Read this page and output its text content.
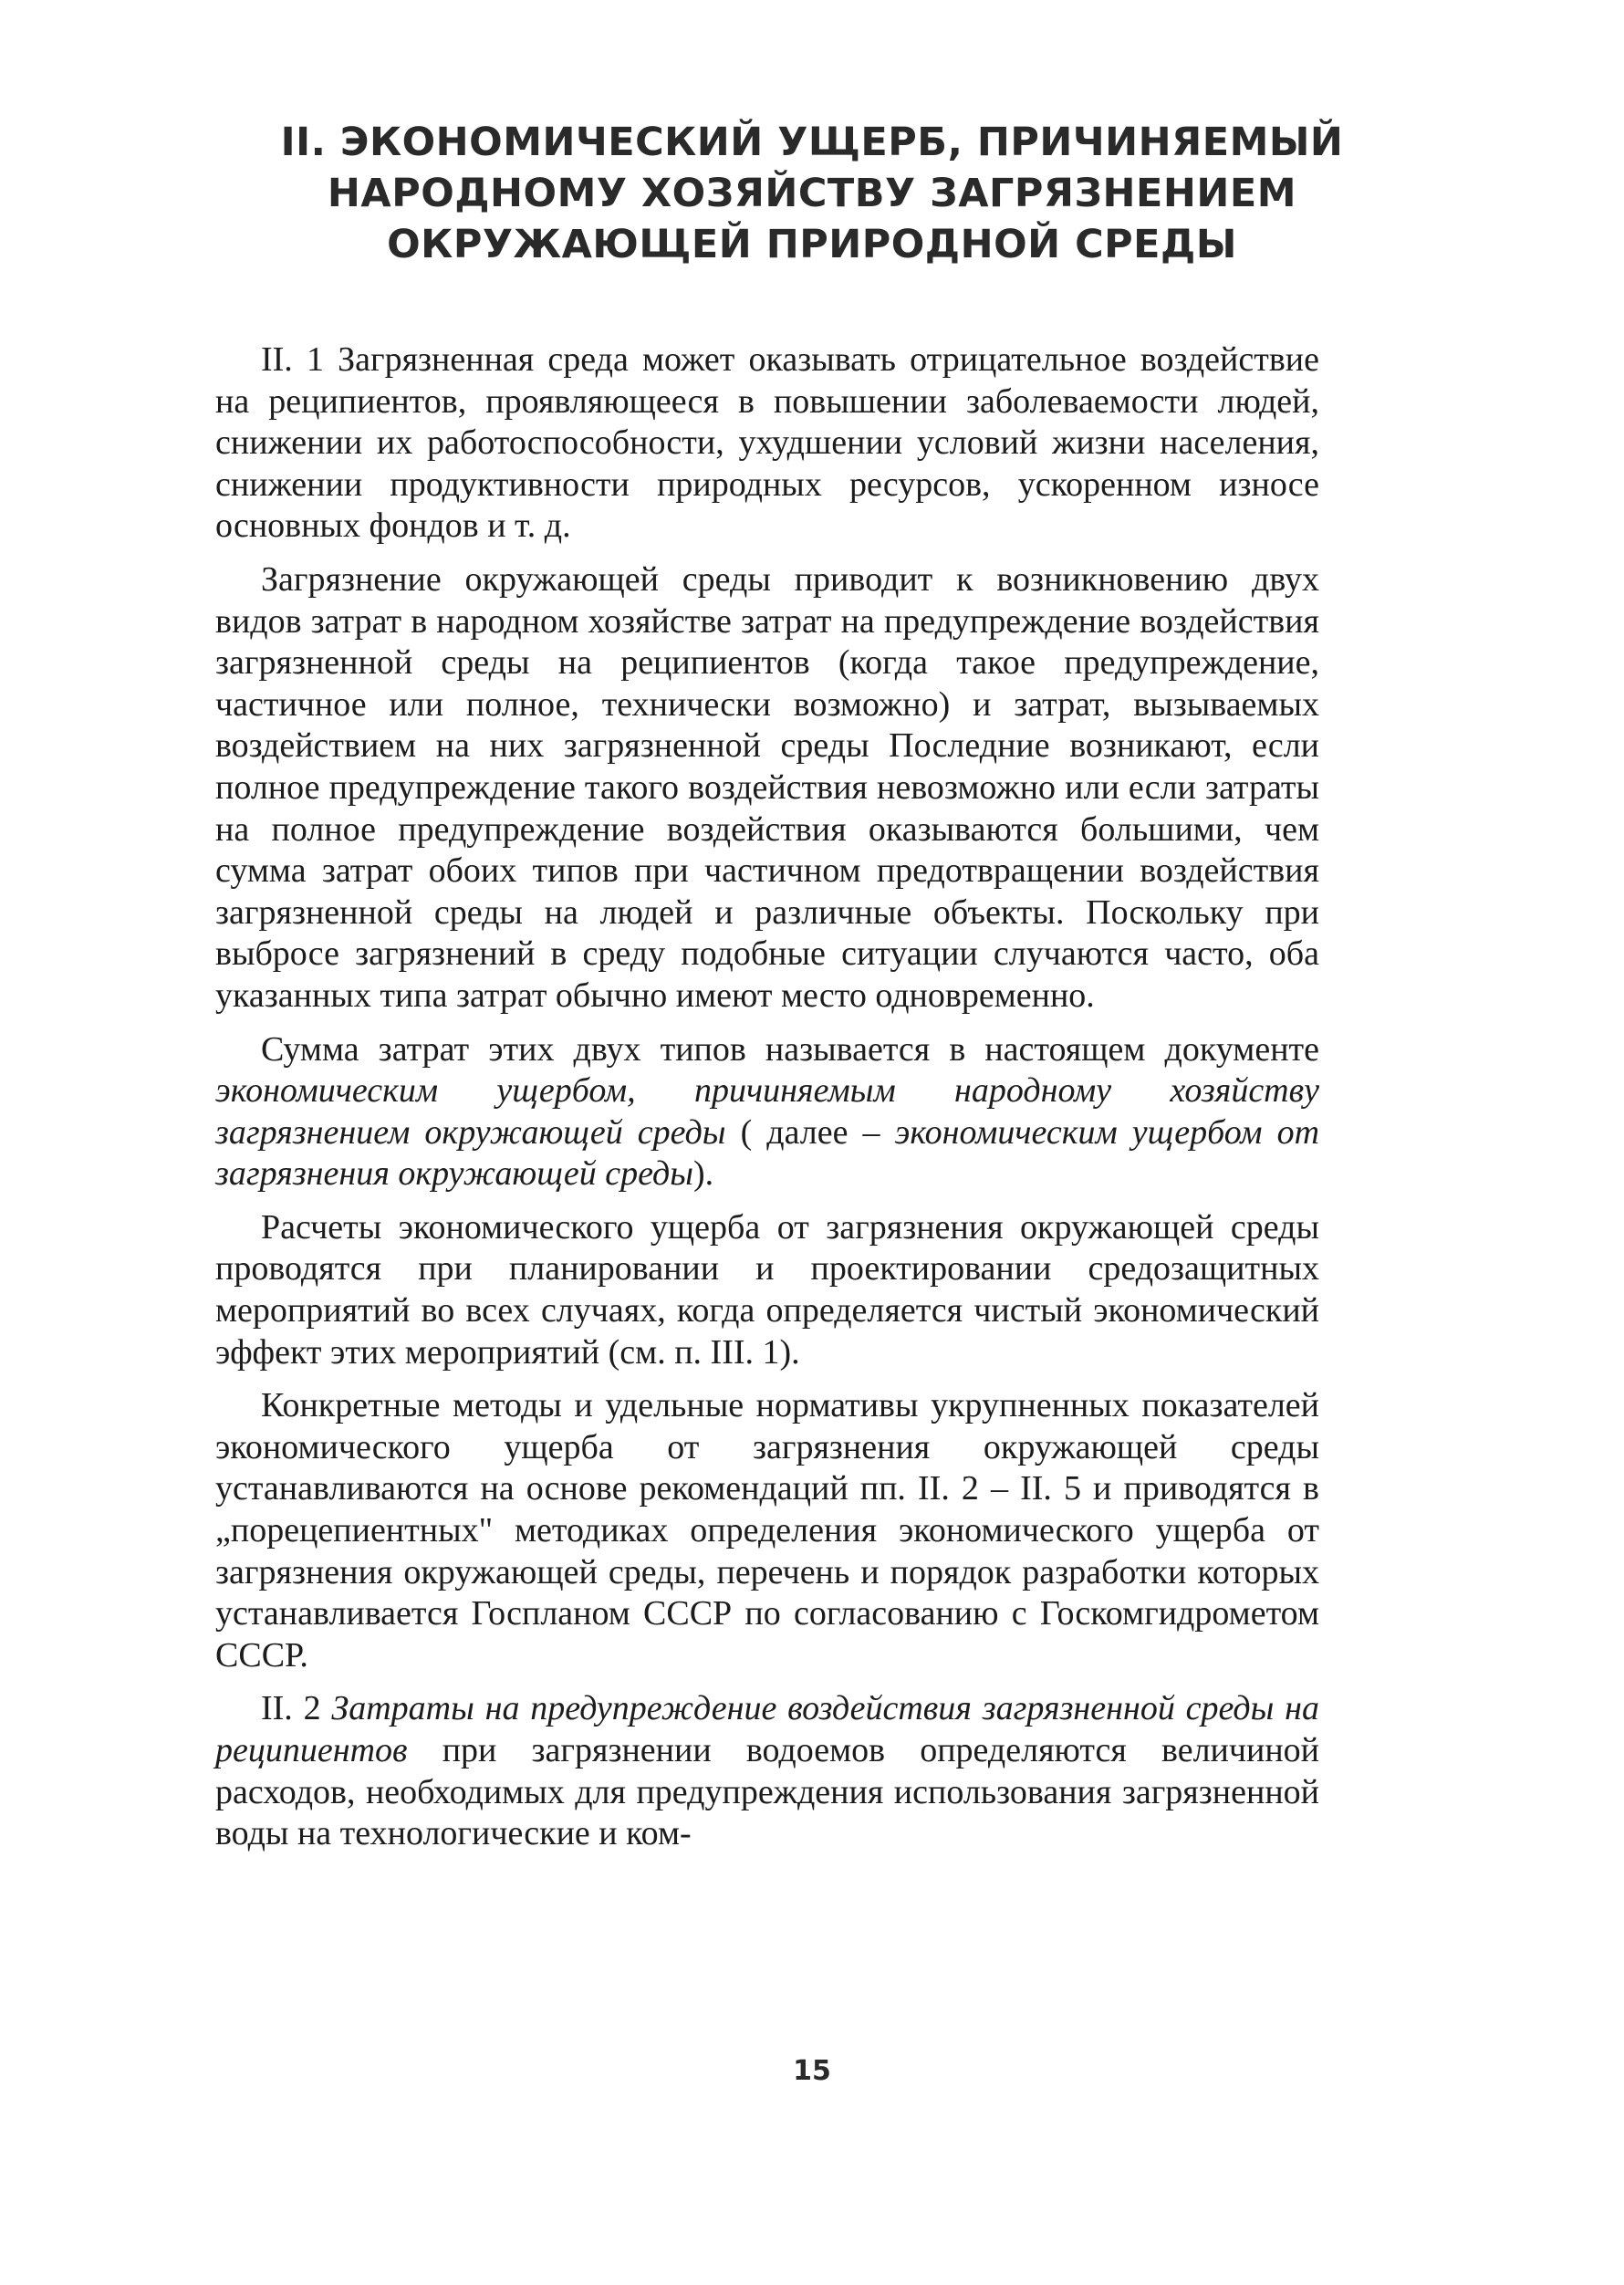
II. ЭКОНОМИЧЕСКИЙ УЩЕРБ, ПРИЧИНЯЕМЫЙ
НАРОДНОМУ ХОЗЯЙСТВУ ЗАГРЯЗНЕНИЕМ
ОКРУЖАЮЩЕЙ ПРИРОДНОЙ СРЕДЫ

II. 1 Загрязненная среда может оказывать отрицательное воздействие на реципиентов, проявляющееся в повышении заболеваемости людей, снижении их работоспособности, ухудшении условий жизни населения, снижении продуктивности природных ресурсов, ускоренном износе основных фондов и т. д.

Загрязнение окружающей среды приводит к возникновению двух видов затрат в народном хозяйстве затрат на предупреждение воздействия загрязненной среды на реципиентов (когда такое предупреждение, частичное или полное, технически возможно) и затрат, вызываемых воздействием на них загрязненной среды Последние возникают, если полное предупреждение такого воздействия невозможно или если затраты на полное предупреждение воздействия оказываются большими, чем сумма затрат обоих типов при частичном предотвращении воздействия загрязненной среды на людей и различные объекты. Поскольку при выбросе загрязнений в среду подобные ситуации случаются часто, оба указанных типа затрат обычно имеют место одновременно.

Сумма затрат этих двух типов называется в настоящем документе экономическим ущербом, причиняемым народному хозяйству загрязнением окружающей среды ( далее – экономическим ущербом от загрязнения окружающей среды).

Расчеты экономического ущерба от загрязнения окружающей среды проводятся при планировании и проектировании средозащитных мероприятий во всех случаях, когда определяется чистый экономический эффект этих мероприятий (см. п. III. 1).

Конкретные методы и удельные нормативы укрупненных показателей экономического ущерба от загрязнения окружающей среды устанавливаются на основе рекомендаций пп. II. 2 – II. 5 и приводятся в „порецепиентных" методиках определения экономического ущерба от загрязнения окружающей среды, перечень и порядок разработки которых устанавливается Госпланом СССР по согласованию с Госкомгидрометом СССР.

II. 2 Затраты на предупреждение воздействия загрязненной среды на реципиентов при загрязнении водоемов определяются величиной расходов, необходимых для предупреждения использования загрязненной воды на технологические и ком-

15
